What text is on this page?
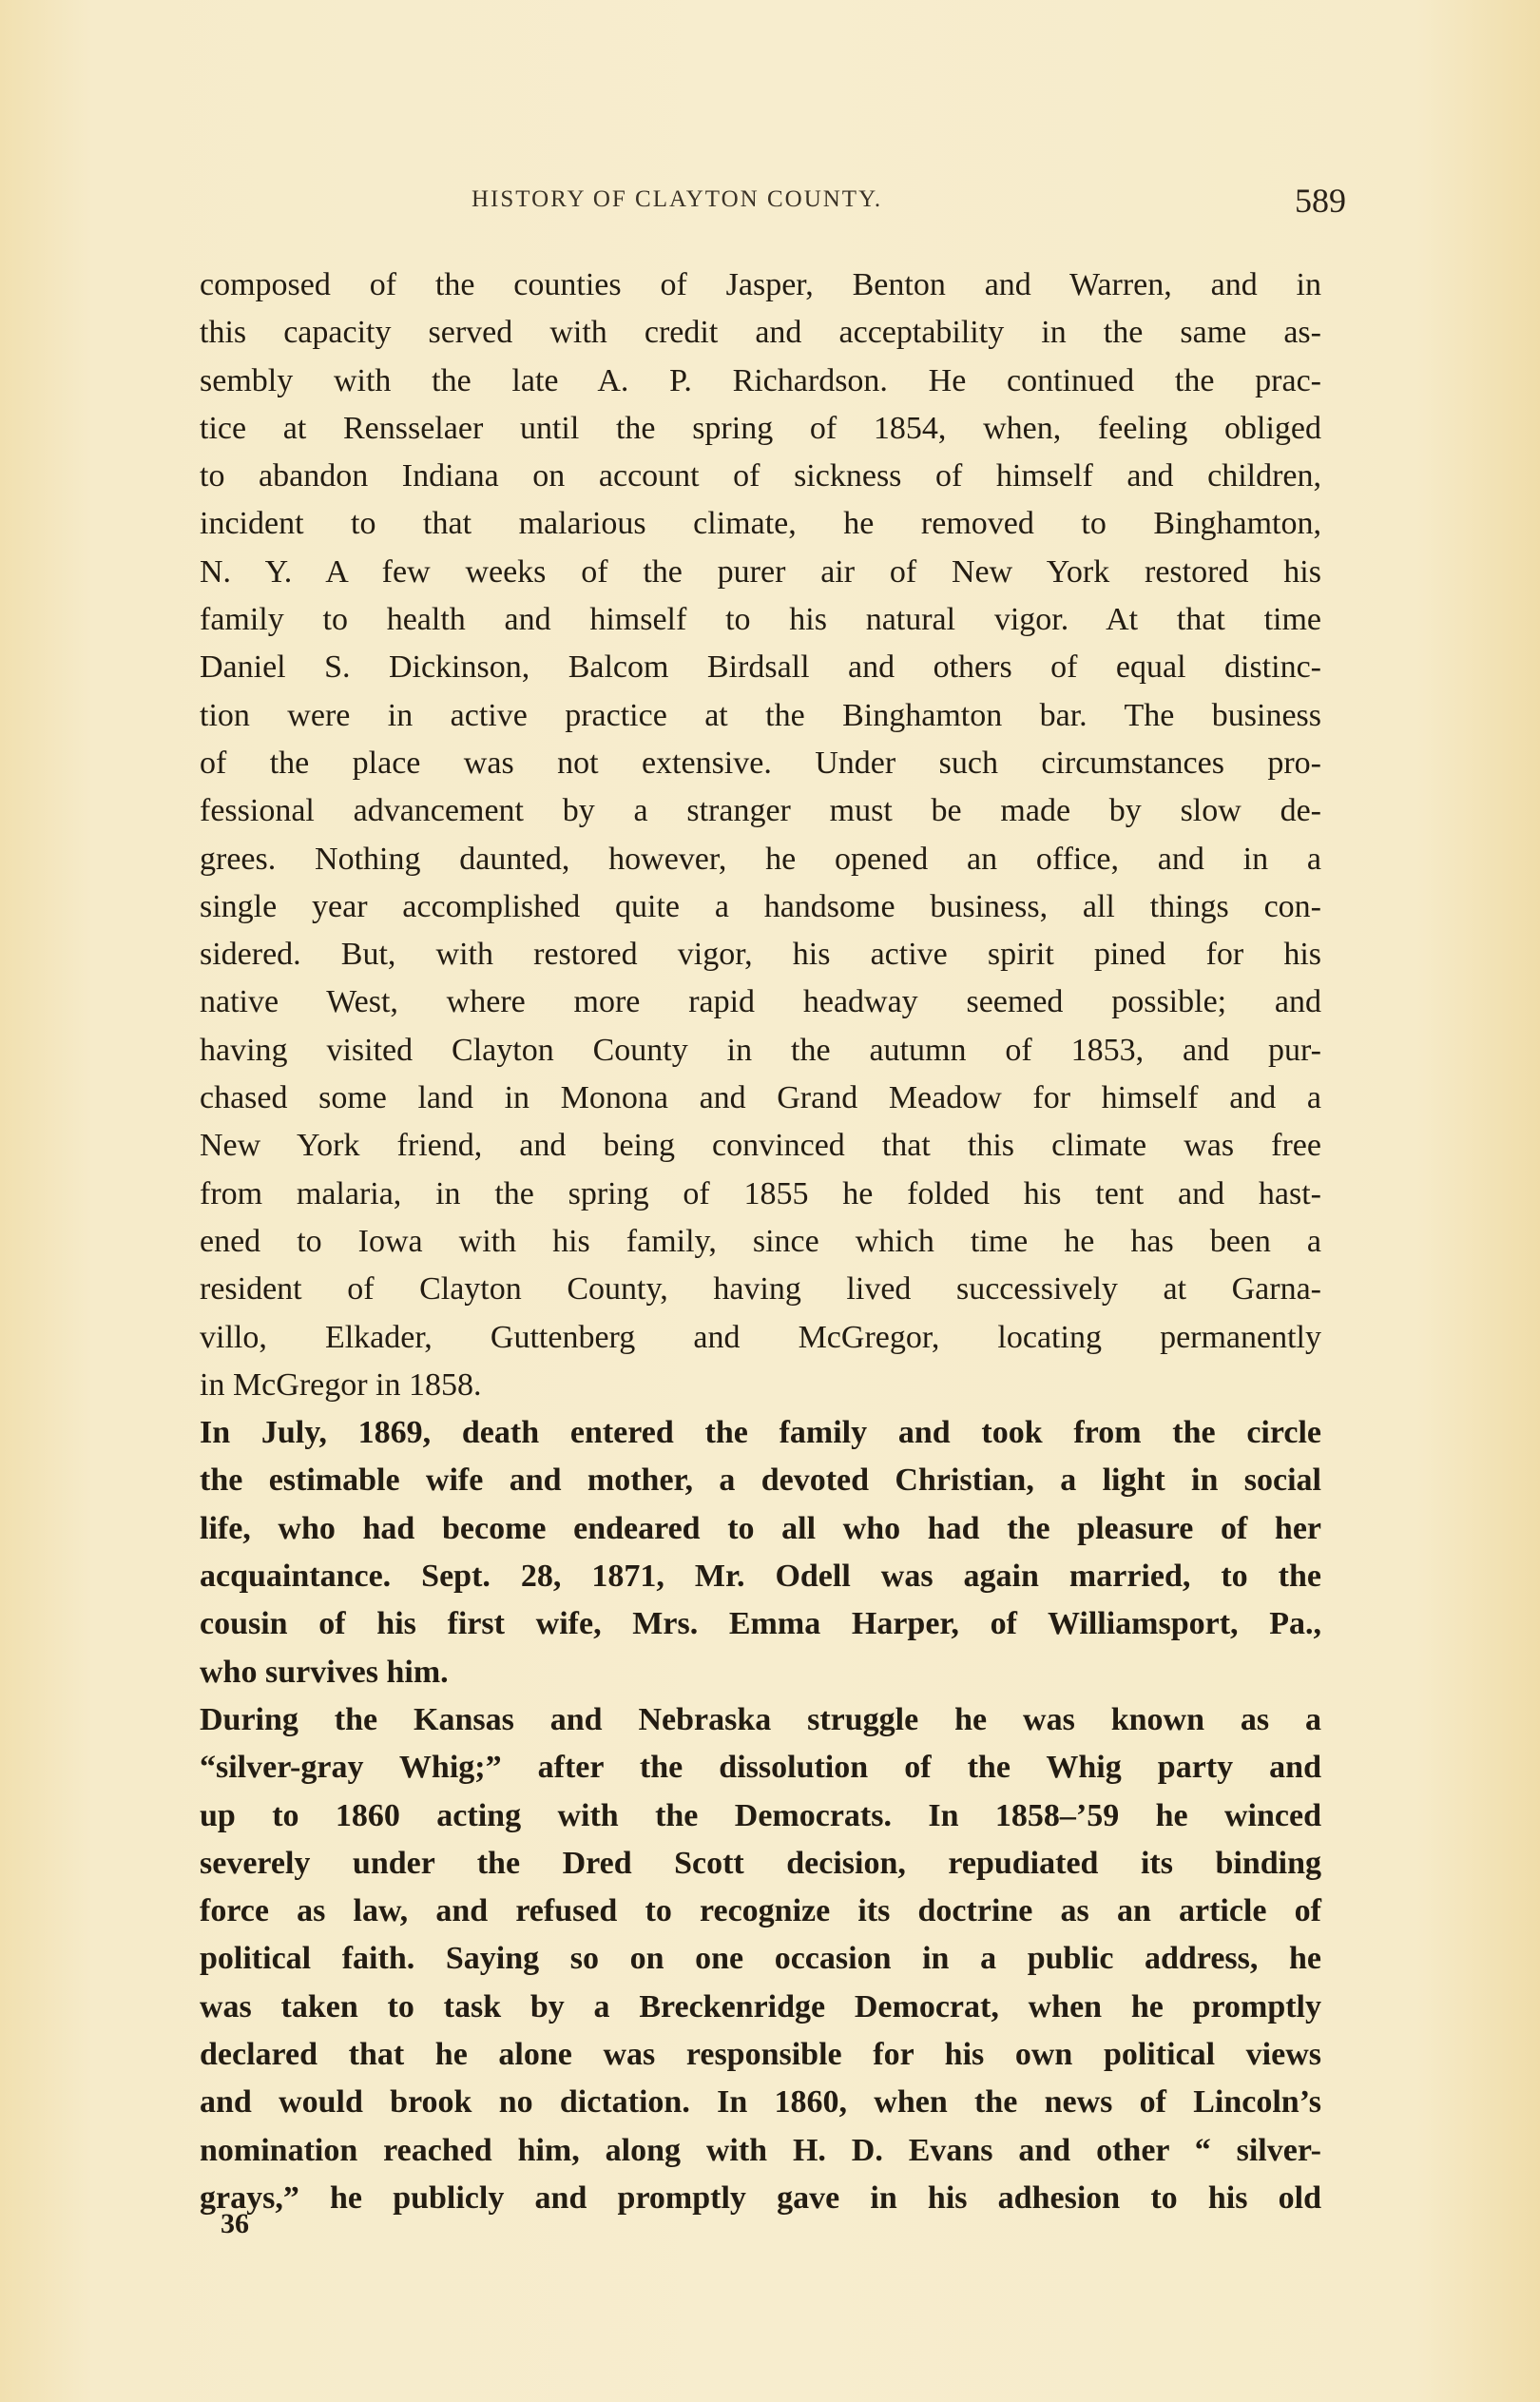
HISTORY OF CLAYTON COUNTY.	589
composed of the counties of Jasper, Benton and Warren, and in
this capacity served with credit and acceptability in the same as-
sembly with the late A. P. Richardson. He continued the prac-
tice at Rensselaer until the spring of 1854, when, feeling obliged
to abandon Indiana on account of sickness of himself and children,
incident to that malarious climate, he removed to Binghamton,
N. Y. A few weeks of the purer air of New York restored his
family to health and himself to his natural vigor. At that time
Daniel S. Dickinson, Balcom Birdsall and others of equal distinc-
tion were in active practice at the Binghamton bar. The business
of the place was not extensive. Under such circumstances pro-
fessional advancement by a stranger must be made by slow de-
grees. Nothing daunted, however, he opened an office, and in a
single year accomplished quite a handsome business, all things con-
sidered. But, with restored vigor, his active spirit pined for his
native West, where more rapid headway seemed possible; and
having visited Clayton County in the autumn of 1853, and pur-
chased some land in Monona and Grand Meadow for himself and a
New York friend, and being convinced that this climate was free
from malaria, in the spring of 1855 he folded his tent and hast-
ened to Iowa with his family, since which time he has been a
resident of Clayton County, having lived successively at Garna-
villo, Elkader, Guttenberg and McGregor, locating permanently
in McGregor in 1858.
In July, 1869, death entered the family and took from the circle
the estimable wife and mother, a devoted Christian, a light in social
life, who had become endeared to all who had the pleasure of her
acquaintance. Sept. 28, 1871, Mr. Odell was again married, to the
cousin of his first wife, Mrs. Emma Harper, of Williamsport, Pa.,
who survives him.
During the Kansas and Nebraska struggle he was known as a
“silver-gray Whig;” after the dissolution of the Whig party and
up to 1860 acting with the Democrats. In 1858–’59 he winced
severely under the Dred Scott decision, repudiated its binding
force as law, and refused to recognize its doctrine as an article of
political faith. Saying so on one occasion in a public address, he
was taken to task by a Breckenridge Democrat, when he promptly
declared that he alone was responsible for his own political views
and would brook no dictation. In 1860, when the news of Lincoln’s
nomination reached him, along with H. D. Evans and other “ silver-
grays,” he publicly and promptly gave in his adhesion to his old
36
